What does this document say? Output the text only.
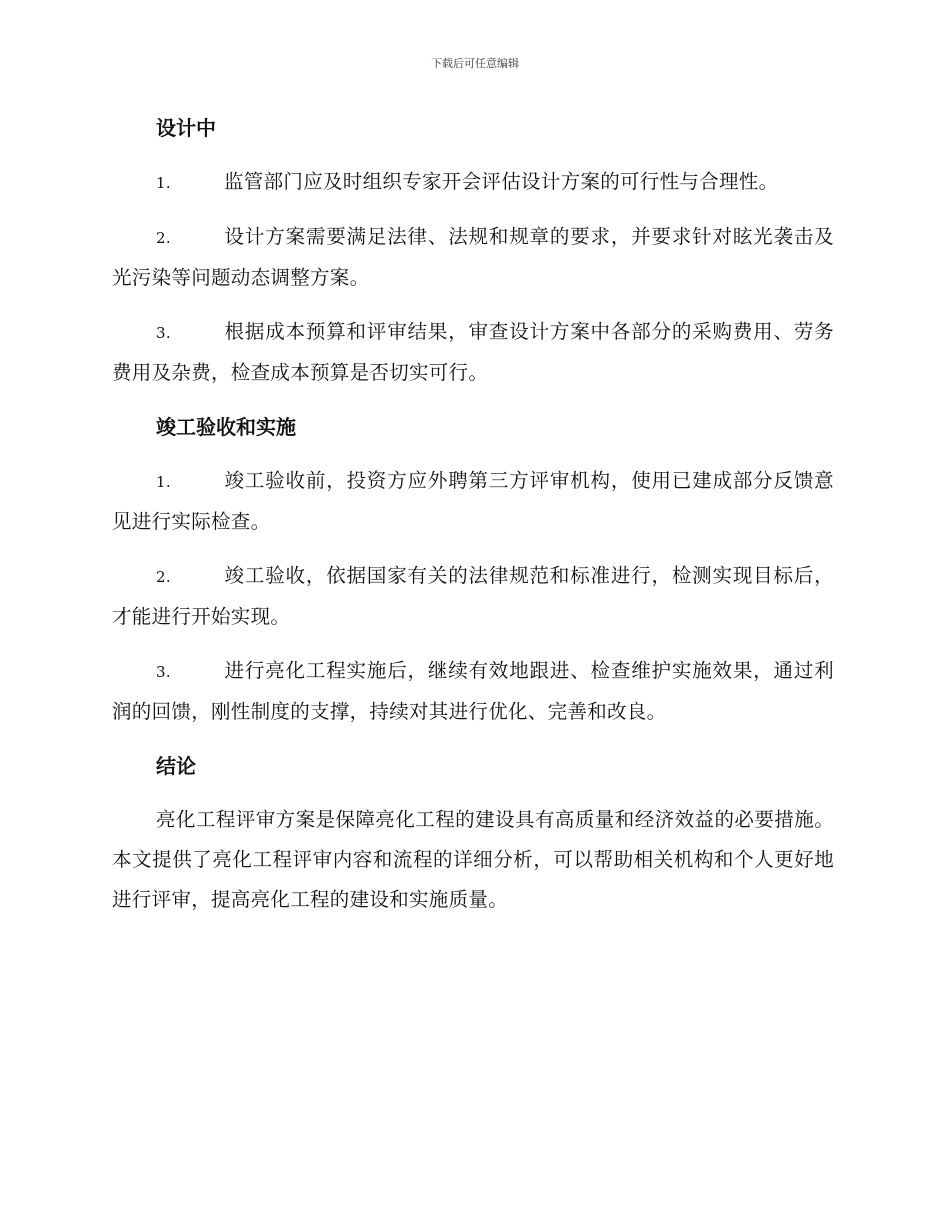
下载后可任意编辑
设计中

1.	监管部门应及时组织专家开会评估设计方案的可行性与合理性。

2.	设计方案需要满足法律、法规和规章的要求，并要求针对眩光袭击及光污染等问题动态调整方案。

3.	根据成本预算和评审结果，审查设计方案中各部分的采购费用、劳务费用及杂费，检查成本预算是否切实可行。

竣工验收和实施

1.	竣工验收前，投资方应外聘第三方评审机构，使用已建成部分反馈意见进行实际检查。

2.	竣工验收，依据国家有关的法律规范和标准进行，检测实现目标后，才能进行开始实现。

3.	进行亮化工程实施后，继续有效地跟进、检查维护实施效果，通过利润的回馈，刚性制度的支撑，持续对其进行优化、完善和改良。

结论

亮化工程评审方案是保障亮化工程的建设具有高质量和经济效益的必要措施。本文提供了亮化工程评审内容和流程的详细分析，可以帮助相关机构和个人更好地进行评审，提高亮化工程的建设和实施质量。
